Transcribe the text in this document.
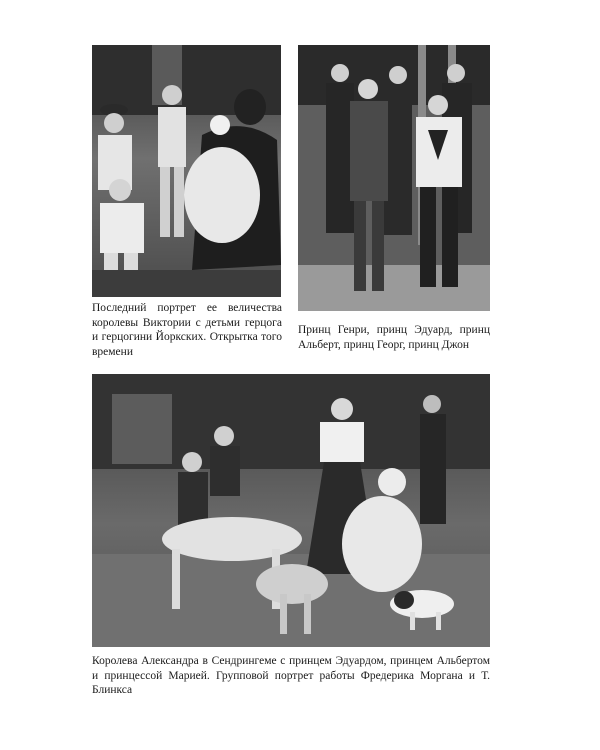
Последний портрет ее величества королевы Виктории с детьми герцога и герцогини Йоркских. Открытка того времени
Принц Генри, принц Эдуард, принц Альберт, принц Георг, принц Джон
Королева Александра в Сендрингеме с принцем Эдуардом, принцем Альбертом и принцессой Марией. Групповой портрет работы Фредерика Моргана и Т. Блинкса
